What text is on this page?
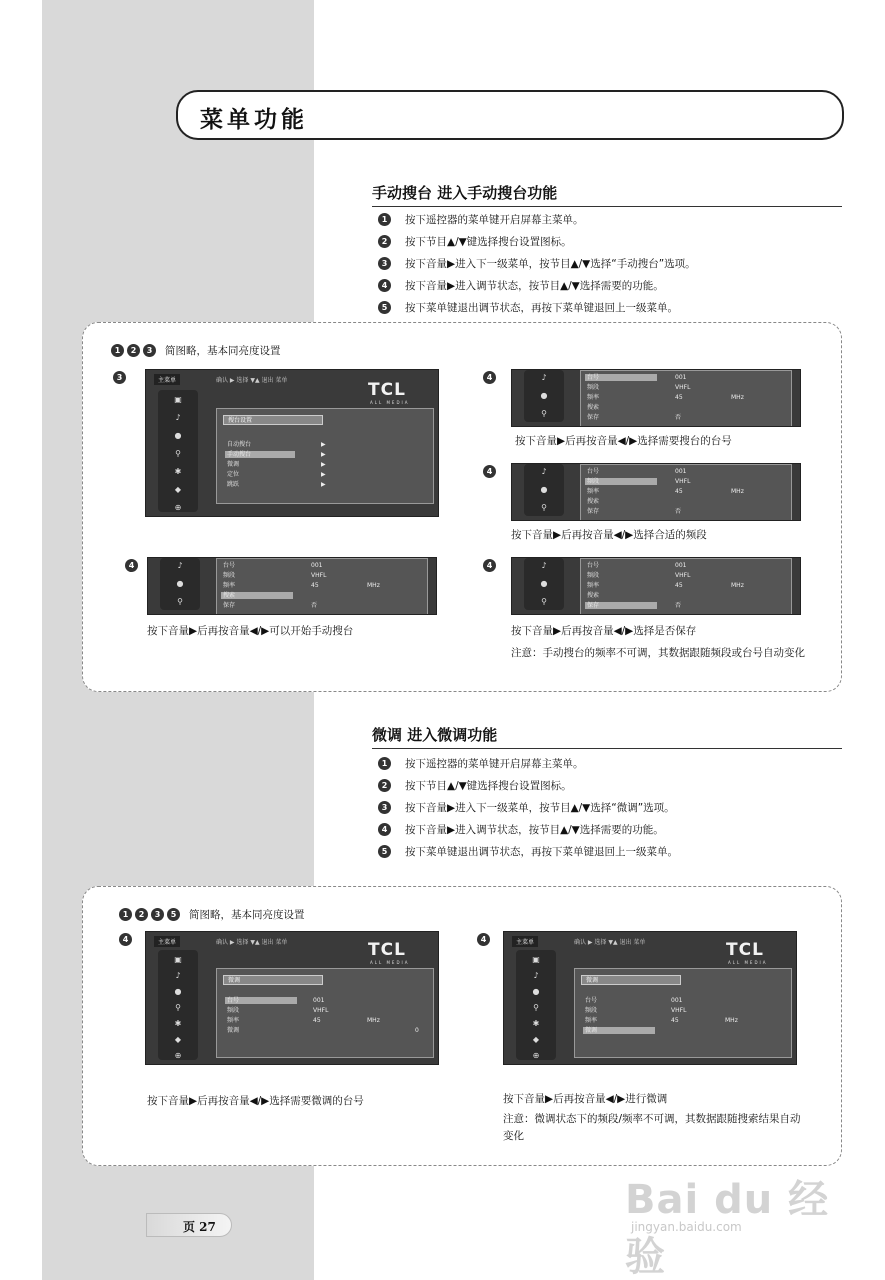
菜单功能
手动搜台 进入手动搜台功能
1	按下遥控器的菜单键开启屏幕主菜单。
2	按下节目▲/▼键选择搜台设置图标。
3	按下音量▶进入下一级菜单，按节目▲/▼选择“手动搜台”选项。
4	按下音量▶进入调节状态，按节目▲/▼选择需要的功能。
5	按下菜单键退出调节状态，再按下菜单键退回上一级菜单。
1	2	3	简图略，基本同亮度设置
3	主菜单	确认 ▶ 选择 ▼▲ 退出 菜单	TCL
ALL MEDIA
▣
♪
●
⚲
✱
◆
⊕
搜台设置
自动搜台
手动搜台
微调
定位
跳跃
▶
▶
▶
▶
▶
4	♪
●
⚲
台号	001
频段	VHFL
频率	45	MHz
搜索
保存	否
按下音量▶后再按音量◀/▶选择需要搜台的台号
4	♪
●
⚲
台号	001
频段	VHFL
频率	45	MHz
搜索
保存	否
按下音量▶后再按音量◀/▶选择合适的频段
4	♪
●
⚲
台号	001
频段	VHFL
频率	45	MHz
搜索
保存	否
按下音量▶后再按音量◀/▶可以开始手动搜台
4	♪
●
⚲
台号	001
频段	VHFL
频率	45	MHz
搜索
保存	否
按下音量▶后再按音量◀/▶选择是否保存
注意：手动搜台的频率不可调，其数据跟随频段或台号自动变化
微调 进入微调功能
1	按下遥控器的菜单键开启屏幕主菜单。
2	按下节目▲/▼键选择搜台设置图标。
3	按下音量▶进入下一级菜单，按节目▲/▼选择“微调”选项。
4	按下音量▶进入调节状态，按节目▲/▼选择需要的功能。
5	按下菜单键退出调节状态，再按下菜单键退回上一级菜单。
1	2	3	5	简图略，基本同亮度设置
4	主菜单	确认 ▶ 选择 ▼▲ 退出 菜单	TCL
ALL MEDIA
▣
♪
●
⚲
✱
◆
⊕
微调
台号	001
频段	VHFL
频率	45	MHz
微调	0
按下音量▶后再按音量◀/▶选择需要微调的台号
4	主菜单	确认 ▶ 选择 ▼▲ 退出 菜单	TCL
ALL MEDIA
▣
♪
●
⚲
✱
◆
⊕
微调
台号	001
频段	VHFL
频率	45	MHz
微调
按下音量▶后再按音量◀/▶进行微调
注意：微调状态下的频段/频率不可调，其数据跟随搜索结果自动变化
页 27
Bai du 经验
jingyan.baidu.com
